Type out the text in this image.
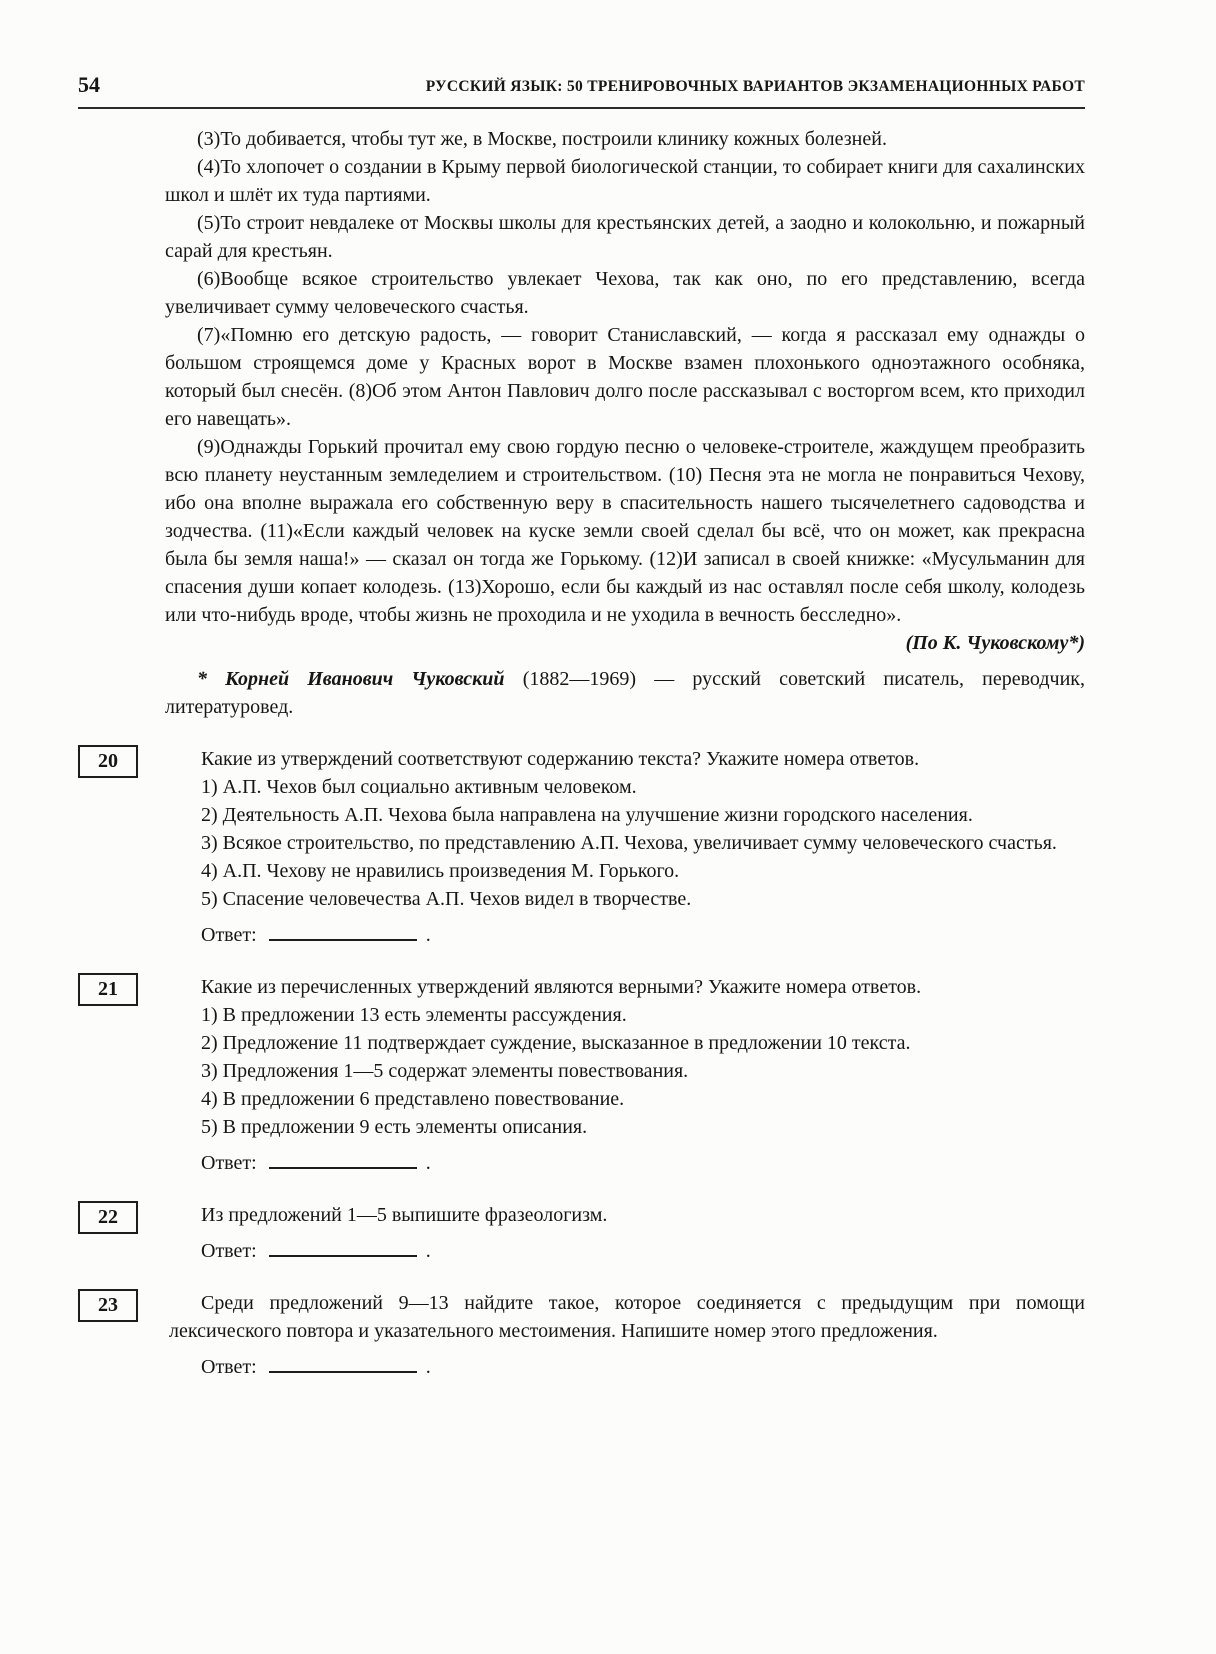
54	РУССКИЙ ЯЗЫК: 50 ТРЕНИРОВОЧНЫХ ВАРИАНТОВ ЭКЗАМЕНАЦИОННЫХ РАБОТ

(3)То добивается, чтобы тут же, в Москве, построили клинику кожных болезней.

(4)То хлопочет о создании в Крыму первой биологической станции, то собирает книги для сахалинских школ и шлёт их туда партиями.

(5)То строит невдалеке от Москвы школы для крестьянских детей, а заодно и колокольню, и пожарный сарай для крестьян.

(6)Вообще всякое строительство увлекает Чехова, так как оно, по его представлению, всегда увеличивает сумму человеческого счастья.

(7)«Помню его детскую радость, — говорит Станиславский, — когда я рассказал ему однажды о большом строящемся доме у Красных ворот в Москве взамен плохонького одноэтажного особняка, который был снесён. (8)Об этом Антон Павлович долго после рассказывал с восторгом всем, кто приходил его навещать».

(9)Однажды Горький прочитал ему свою гордую песню о человеке-строителе, жаждущем преобразить всю планету неустанным земледелием и строительством. (10) Песня эта не могла не понравиться Чехову, ибо она вполне выражала его собственную веру в спасительность нашего тысячелетнего садоводства и зодчества. (11)«Если каждый человек на куске земли своей сделал бы всё, что он может, как прекрасна была бы земля наша!» — сказал он тогда же Горькому. (12)И записал в своей книжке: «Мусульманин для спасения души копает колодезь. (13)Хорошо, если бы каждый из нас оставлял после себя школу, колодезь или что-нибудь вроде, чтобы жизнь не проходила и не уходила в вечность бесследно».

(По К. Чуковскому*)

* Корней Иванович Чуковский (1882—1969) — русский советский писатель, переводчик, литературовед.

20	Какие из утверждений соответствуют содержанию текста? Укажите номера ответов.

1) А.П. Чехов был социально активным человеком.

2) Деятельность А.П. Чехова была направлена на улучшение жизни городского населения.

3) Всякое строительство, по представлению А.П. Чехова, увеличивает сумму человеческого счастья.

4) А.П. Чехову не нравились произведения М. Горького.

5) Спасение человечества А.П. Чехов видел в творчестве.

Ответ:	.

21	Какие из перечисленных утверждений являются верными? Укажите номера ответов.

1) В предложении 13 есть элементы рассуждения.

2) Предложение 11 подтверждает суждение, высказанное в предложении 10 текста.

3) Предложения 1—5 содержат элементы повествования.

4) В предложении 6 представлено повествование.

5) В предложении 9 есть элементы описания.

Ответ:	.

22	Из предложений 1—5 выпишите фразеологизм.

Ответ:	.

23	Среди предложений 9—13 найдите такое, которое соединяется с предыдущим при помощи лексического повтора и указательного местоимения. Напишите номер этого предложения.

Ответ:	.
